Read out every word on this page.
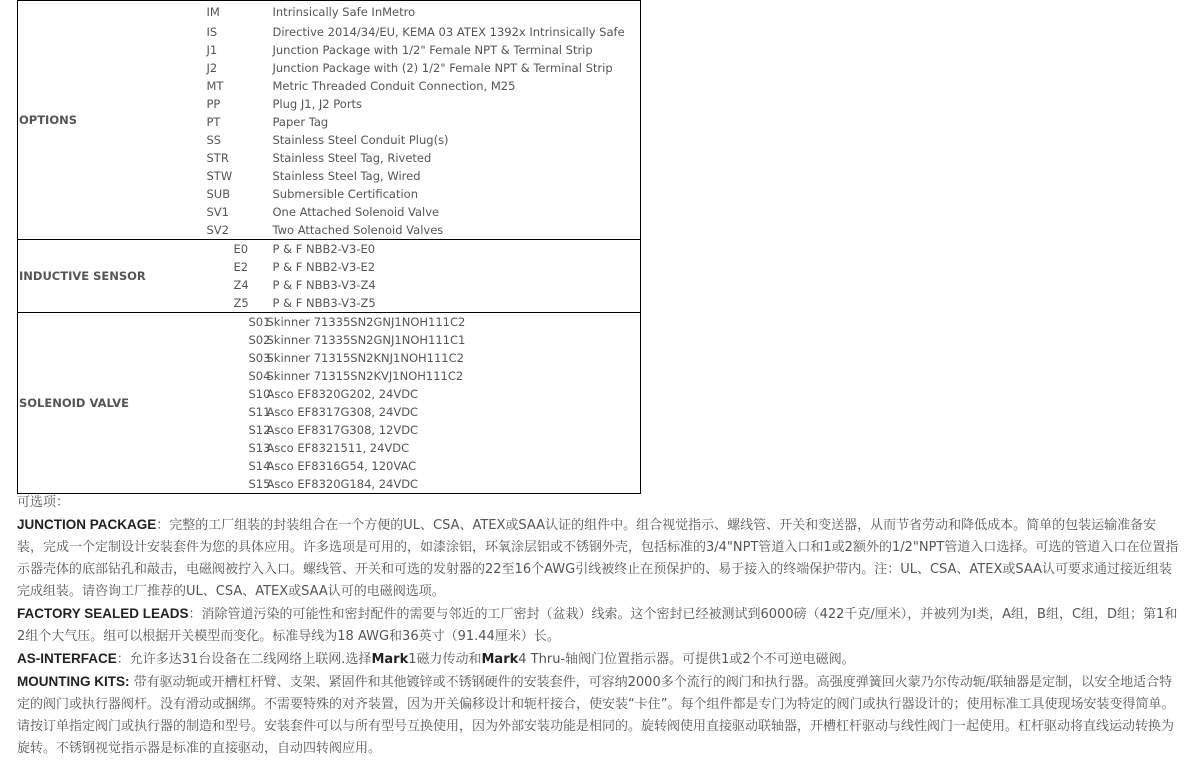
OPTIONS	IM	Intrinsically Safe InMetro
	IS	Directive 2014/34/EU, KEMA 03 ATEX 1392x Intrinsically Safe
	J1	Junction Package with 1/2" Female NPT & Terminal Strip
	J2	Junction Package with (2) 1/2" Female NPT & Terminal Strip
	MT	Metric Threaded Conduit Connection, M25
	PP	Plug J1, J2 Ports
	PT	Paper Tag
	SS	Stainless Steel Conduit Plug(s)
	STR	Stainless Steel Tag, Riveted
	STW	Stainless Steel Tag, Wired
	SUB	Submersible Certification
	SV1	One Attached Solenoid Valve
	SV2	Two Attached Solenoid Valves
INDUCTIVE SENSOR	E0	P & F NBB2-V3-E0
	E2	P & F NBB2-V3-E2
	Z4	P & F NBB3-V3-Z4
	Z5	P & F NBB3-V3-Z5
SOLENOID VALVE	S01	Skinner 71335SN2GNJ1NOH111C2
	S02	Skinner 71335SN2GNJ1NOH111C1
	S03	Skinner 71315SN2KNJ1NOH111C2
	S04	Skinner 71315SN2KVJ1NOH111C2
	S10	Asco EF8320G202, 24VDC
	S11	Asco EF8317G308, 24VDC
	S12	Asco EF8317G308, 12VDC
	S13	Asco EF8321511, 24VDC
	S14	Asco EF8316G54, 120VAC
	S15	Asco EF8320G184, 24VDC

可选项：

JUNCTION PACKAGE：完整的工厂组装的封装组合在一个方便的UL、CSA、ATEX或SAA认证的组件中。组合视觉指示、螺线管、开关和变送器，从而节省劳动和降低成本。简单的包装运输准备安装，完成一个定制设计安装套件为您的具体应用。许多选项是可用的，如漆涂铝，环氧涂层铝或不锈钢外壳，包括标准的3/4"NPT管道入口和1或2额外的1/2"NPT管道入口选择。可选的管道入口在位置指示器壳体的底部钻孔和敲击，电磁阀被拧入入口。螺线管、开关和可选的发射器的22至16个AWG引线被终止在预保护的、易于接入的终端保护带内。注：UL、CSA、ATEX或SAA认可要求通过接近组装完成组装。请咨询工厂推荐的UL、CSA、ATEX或SAA认可的电磁阀选项。

FACTORY SEALED LEADS：消除管道污染的可能性和密封配件的需要与邻近的工厂密封（盆栽）线索。这个密封已经被测试到6000磅（422千克/厘米），并被列为I类，A组，B组，C组，D组；第1和2组个大气压。组可以根据开关模型而变化。标准导线为18 AWG和36英寸（91.44厘米）长。

AS-INTERFACE：允许多达31台设备在二线网络上联网.选择Mark1磁力传动和Mark4 Thru-轴阀门位置指示器。可提供1或2个不可逆电磁阀。

MOUNTING KITS: 带有驱动轭或开槽杠杆臂、支架、紧固件和其他镀锌或不锈钢硬件的安装套件，可容纳2000多个流行的阀门和执行器。高强度弹簧回火蒙乃尔传动轭/联轴器是定制，以安全地适合特定的阀门或执行器阀杆。没有滑动或捆绑。不需要特殊的对齐装置，因为开关偏移设计和轭杆接合，使安装“卡住”。每个组件都是专门为特定的阀门或执行器设计的；使用标准工具使现场安装变得简单。请按订单指定阀门或执行器的制造和型号。安装套件可以与所有型号互换使用，因为外部安装功能是相同的。旋转阀使用直接驱动联轴器，开槽杠杆驱动与线性阀门一起使用。杠杆驱动将直线运动转换为旋转。不锈钢视觉指示器是标准的直接驱动，自动四转阀应用。
